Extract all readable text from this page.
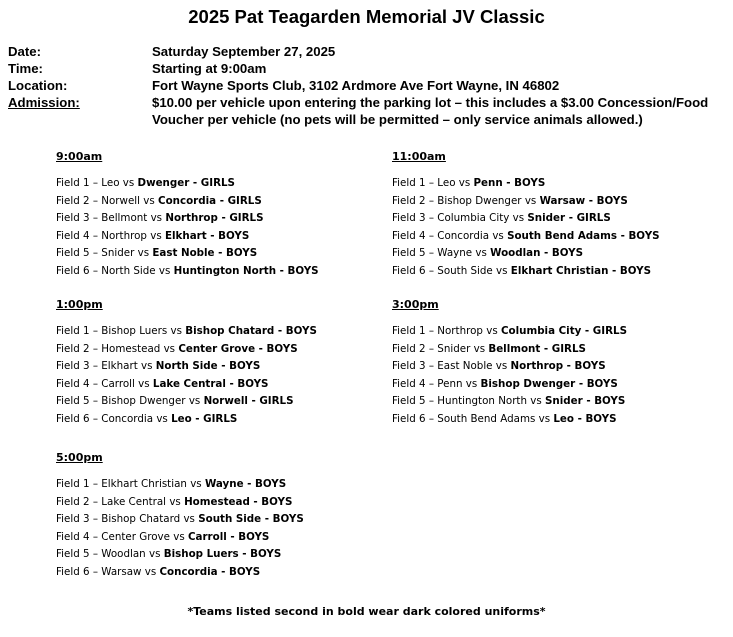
2025 Pat Teagarden Memorial JV Classic
Date:	Saturday September 27, 2025
Time:	Starting at 9:00am
Location:	Fort Wayne Sports Club, 3102 Ardmore Ave Fort Wayne, IN 46802
Admission:	$10.00 per vehicle upon entering the parking lot – this includes a $3.00 Concession/Food
Voucher per vehicle (no pets will be permitted – only service animals allowed.)
9:00am
Field 1 – Leo vs Dwenger - GIRLS
Field 2 – Norwell vs Concordia - GIRLS
Field 3 – Bellmont vs Northrop - GIRLS
Field 4 – Northrop vs Elkhart - BOYS
Field 5 – Snider vs East Noble - BOYS
Field 6 – North Side vs Huntington North - BOYS
11:00am
Field 1 – Leo vs Penn - BOYS
Field 2 – Bishop Dwenger vs Warsaw - BOYS
Field 3 – Columbia City vs Snider - GIRLS
Field 4 – Concordia vs South Bend Adams - BOYS
Field 5 – Wayne vs Woodlan - BOYS
Field 6 – South Side vs Elkhart Christian - BOYS
1:00pm
Field 1 – Bishop Luers vs Bishop Chatard - BOYS
Field 2 – Homestead vs Center Grove - BOYS
Field 3 – Elkhart vs North Side - BOYS
Field 4 – Carroll vs Lake Central - BOYS
Field 5 – Bishop Dwenger vs Norwell - GIRLS
Field 6 – Concordia vs Leo - GIRLS
3:00pm
Field 1 – Northrop vs Columbia City - GIRLS
Field 2 – Snider vs Bellmont - GIRLS
Field 3 – East Noble vs Northrop - BOYS
Field 4 – Penn vs Bishop Dwenger - BOYS
Field 5 – Huntington North vs Snider - BOYS
Field 6 – South Bend Adams vs Leo - BOYS
5:00pm
Field 1 – Elkhart Christian vs Wayne - BOYS
Field 2 – Lake Central vs Homestead - BOYS
Field 3 – Bishop Chatard vs South Side - BOYS
Field 4 – Center Grove vs Carroll - BOYS
Field 5 – Woodlan vs Bishop Luers - BOYS
Field 6 – Warsaw vs Concordia - BOYS
*Teams listed second in bold wear dark colored uniforms*
